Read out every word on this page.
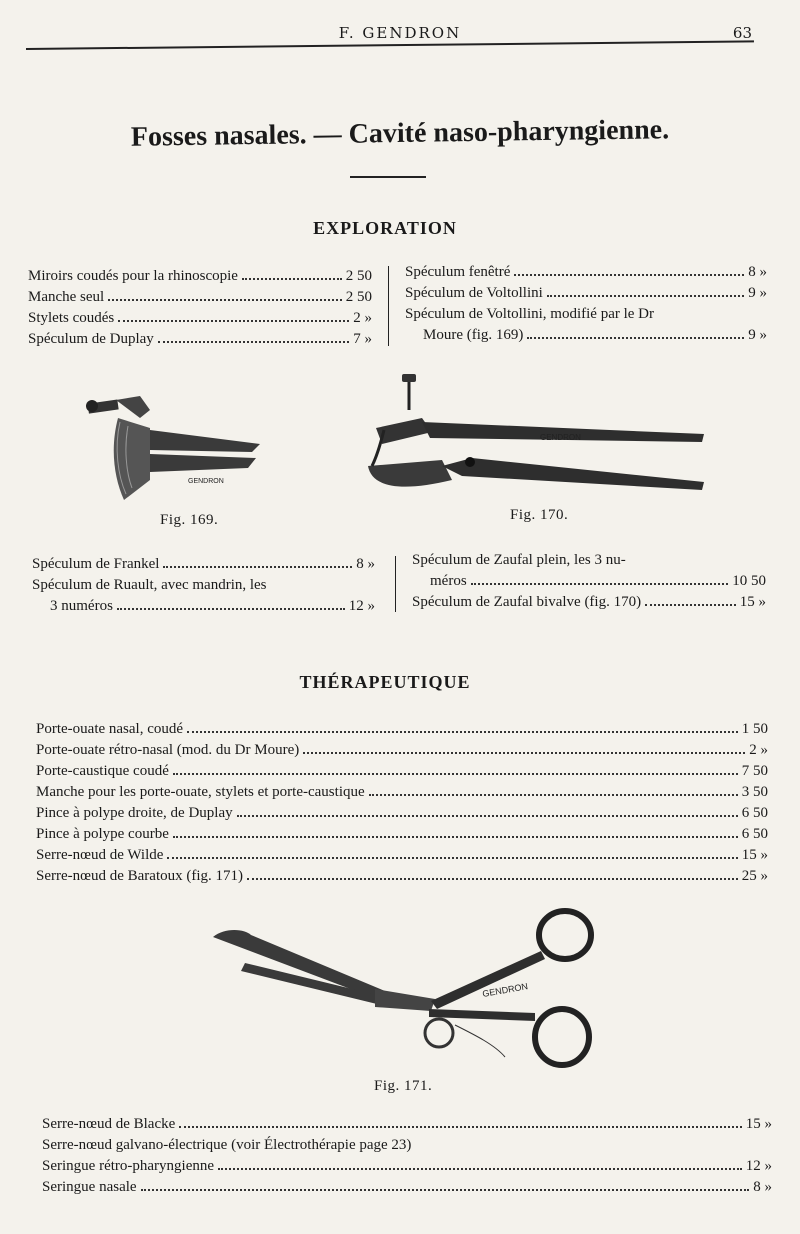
F. GENDRON	63
Fosses nasales. — Cavité naso-pharyngienne.
EXPLORATION
Miroirs coudés pour la rhinoscopie	2 50
Manche seul	2 50
Stylets coudés	2 »
Spéculum de Duplay	7 »
Spéculum fenêtré	8 »
Spéculum de Voltollini	9 »
Spéculum de Voltollini, modifié par le Dr
Moure (fig. 169)	9 »
GENDRON
Fig. 169.
GENDRON
Fig. 170.
Spéculum de Frankel	8 »
Spéculum de Ruault, avec mandrin, les
3 numéros	12 »
Spéculum de Zaufal plein, les 3 nu-
méros	10 50
Spéculum de Zaufal bivalve (fig. 170)	15 »
THÉRAPEUTIQUE
Porte-ouate nasal, coudé	1 50
Porte-ouate rétro-nasal (mod. du Dr Moure)	2 »
Porte-caustique coudé	7 50
Manche pour les porte-ouate, stylets et porte-caustique	3 50
Pince à polype droite, de Duplay	6 50
Pince à polype courbe	6 50
Serre-nœud de Wilde	15 »
Serre-nœud de Baratoux (fig. 171)	25 »
GENDRON
Fig. 171.
Serre-nœud de Blacke	15 »
Serre-nœud galvano-électrique (voir Électrothérapie page 23)
Seringue rétro-pharyngienne	12 »
Seringue nasale	8 »
